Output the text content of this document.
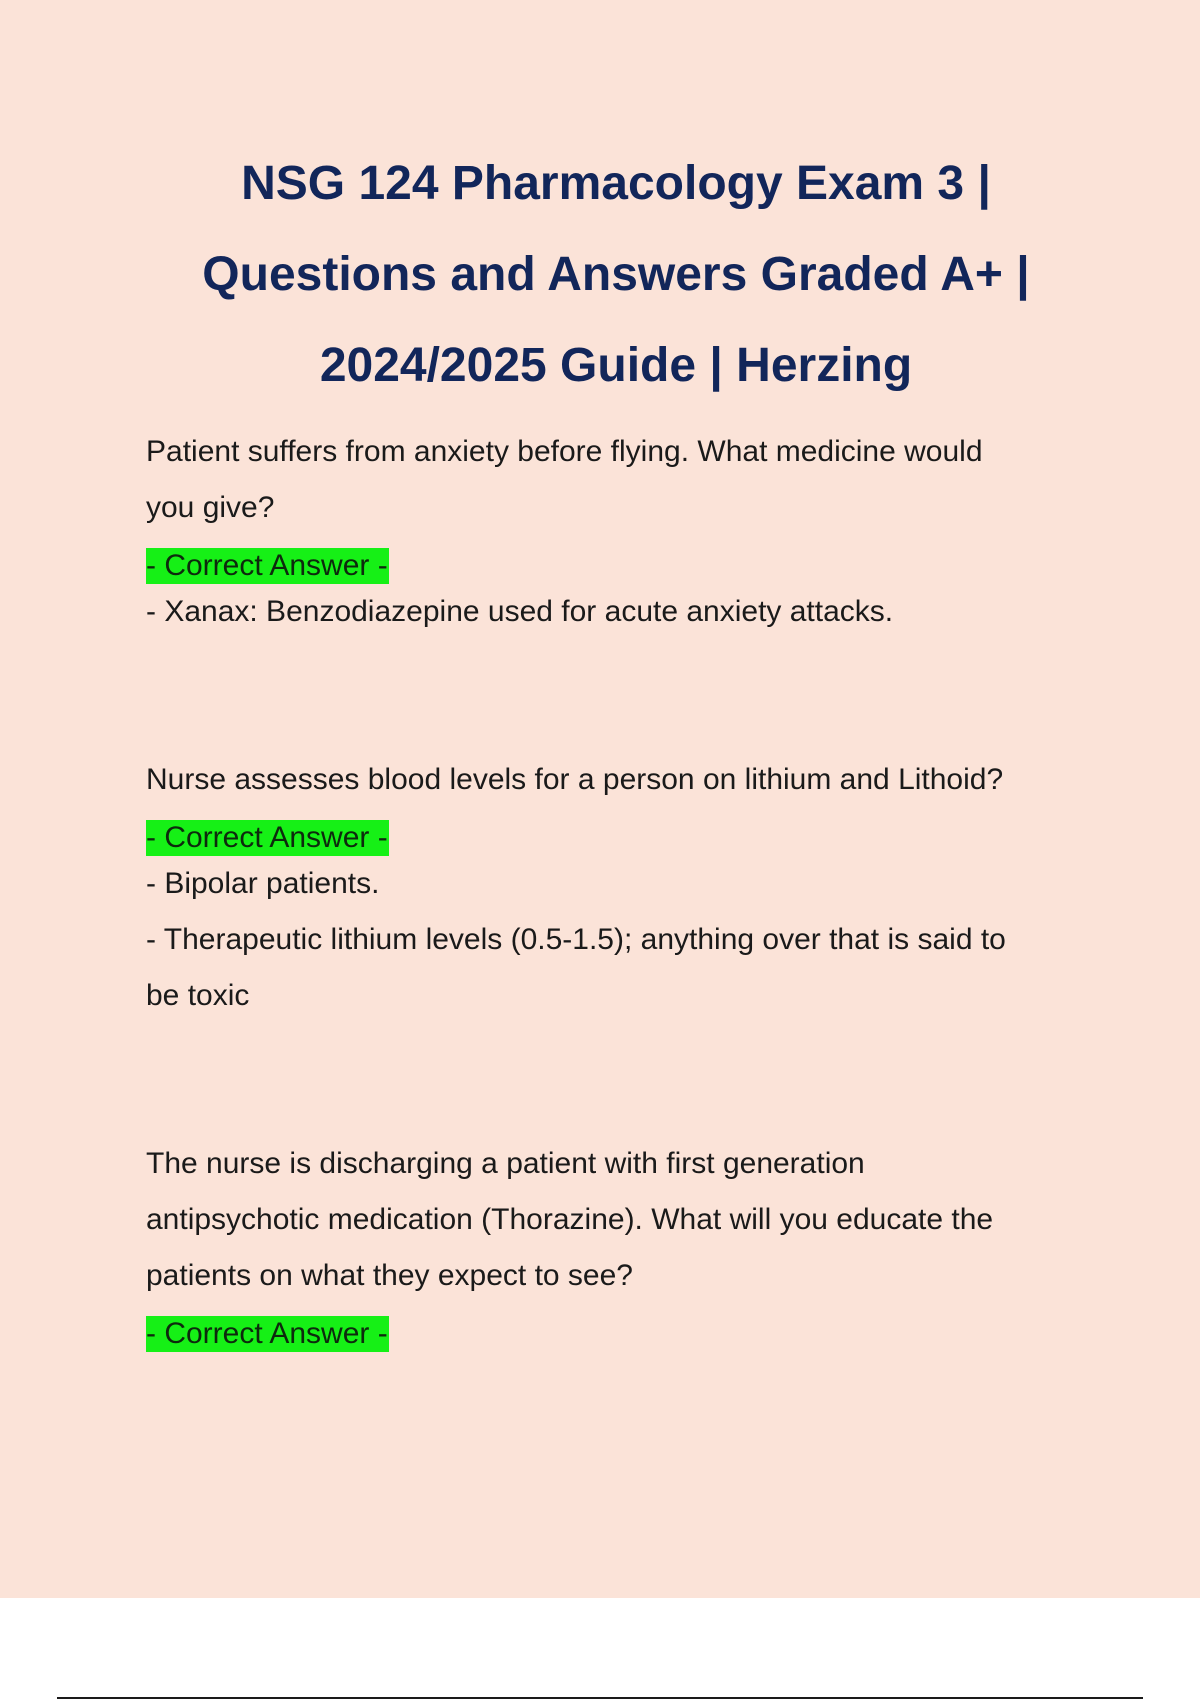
NSG 124 Pharmacology Exam 3 |
Questions and Answers Graded A+ |
2024/2025 Guide | Herzing

Patient suffers from anxiety before flying. What medicine would
you give?

- Correct Answer -

- Xanax: Benzodiazepine used for acute anxiety attacks.

Nurse assesses blood levels for a person on lithium and Lithoid?

- Correct Answer -

- Bipolar patients.

- Therapeutic lithium levels (0.5-1.5); anything over that is said to

be toxic

The nurse is discharging a patient with first generation
antipsychotic medication (Thorazine). What will you educate the
patients on what they expect to see?

- Correct Answer -
